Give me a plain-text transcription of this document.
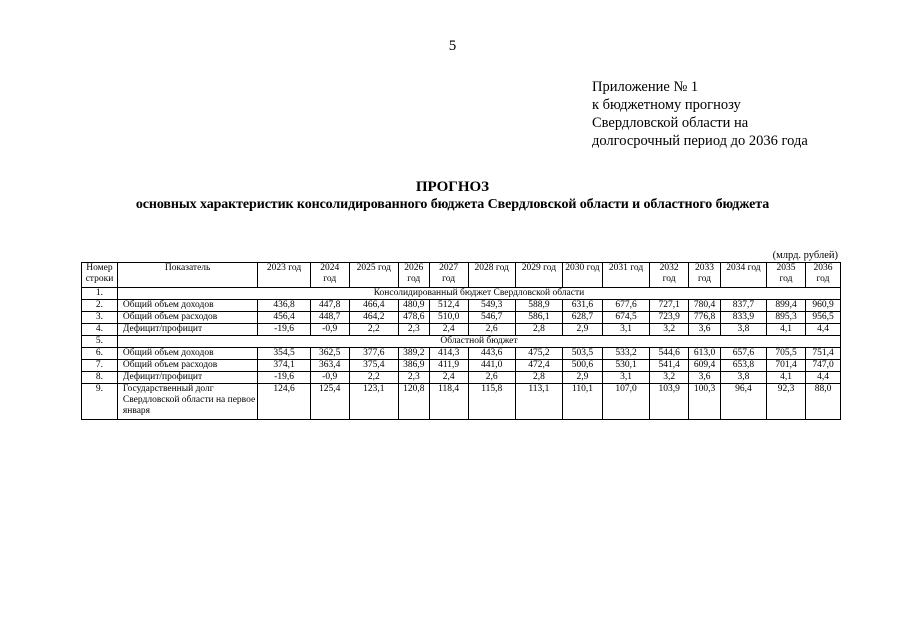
5
Приложение № 1
к бюджетному прогнозу
Свердловской области на
долгосрочный период до 2036 года
ПРОГНОЗ
основных характеристик консолидированного бюджета Свердловской области и областного бюджета
(млрд. рублей)
Номер строки	Показатель	2023 год	2024 год	2025 год	2026 год	2027 год	2028 год	2029 год	2030 год	2031 год	2032 год	2033 год	2034 год	2035 год	2036 год
1.	Консолидированный бюджет Свердловской области														
2.	Общий объем доходов	436,8	447,8	466,4	480,9	512,4	549,3	588,9	631,6	677,6	727,1	780,4	837,7	899,4	960,9
3.	Общий объем расходов	456,4	448,7	464,2	478,6	510,0	546,7	586,1	628,7	674,5	723,9	776,8	833,9	895,3	956,5
4.	Дефицит/профицит	-19,6	-0,9	2,2	2,3	2,4	2,6	2,8	2,9	3,1	3,2	3,6	3,8	4,1	4,4
5.	Областной бюджет														
6.	Общий объем доходов	354,5	362,5	377,6	389,2	414,3	443,6	475,2	503,5	533,2	544,6	613,0	657,6	705,5	751,4
7.	Общий объем расходов	374,1	363,4	375,4	386,9	411,9	441,0	472,4	500,6	530,1	541,4	609,4	653,8	701,4	747,0
8.	Дефицит/профицит	-19,6	-0,9	2,2	2,3	2,4	2,6	2,8	2,9	3,1	3,2	3,6	3,8	4,1	4,4
9.	Государственный долг Свердловской области на первое января	124,6	125,4	123,1	120,8	118,4	115,8	113,1	110,1	107,0	103,9	100,3	96,4	92,3	88,0
